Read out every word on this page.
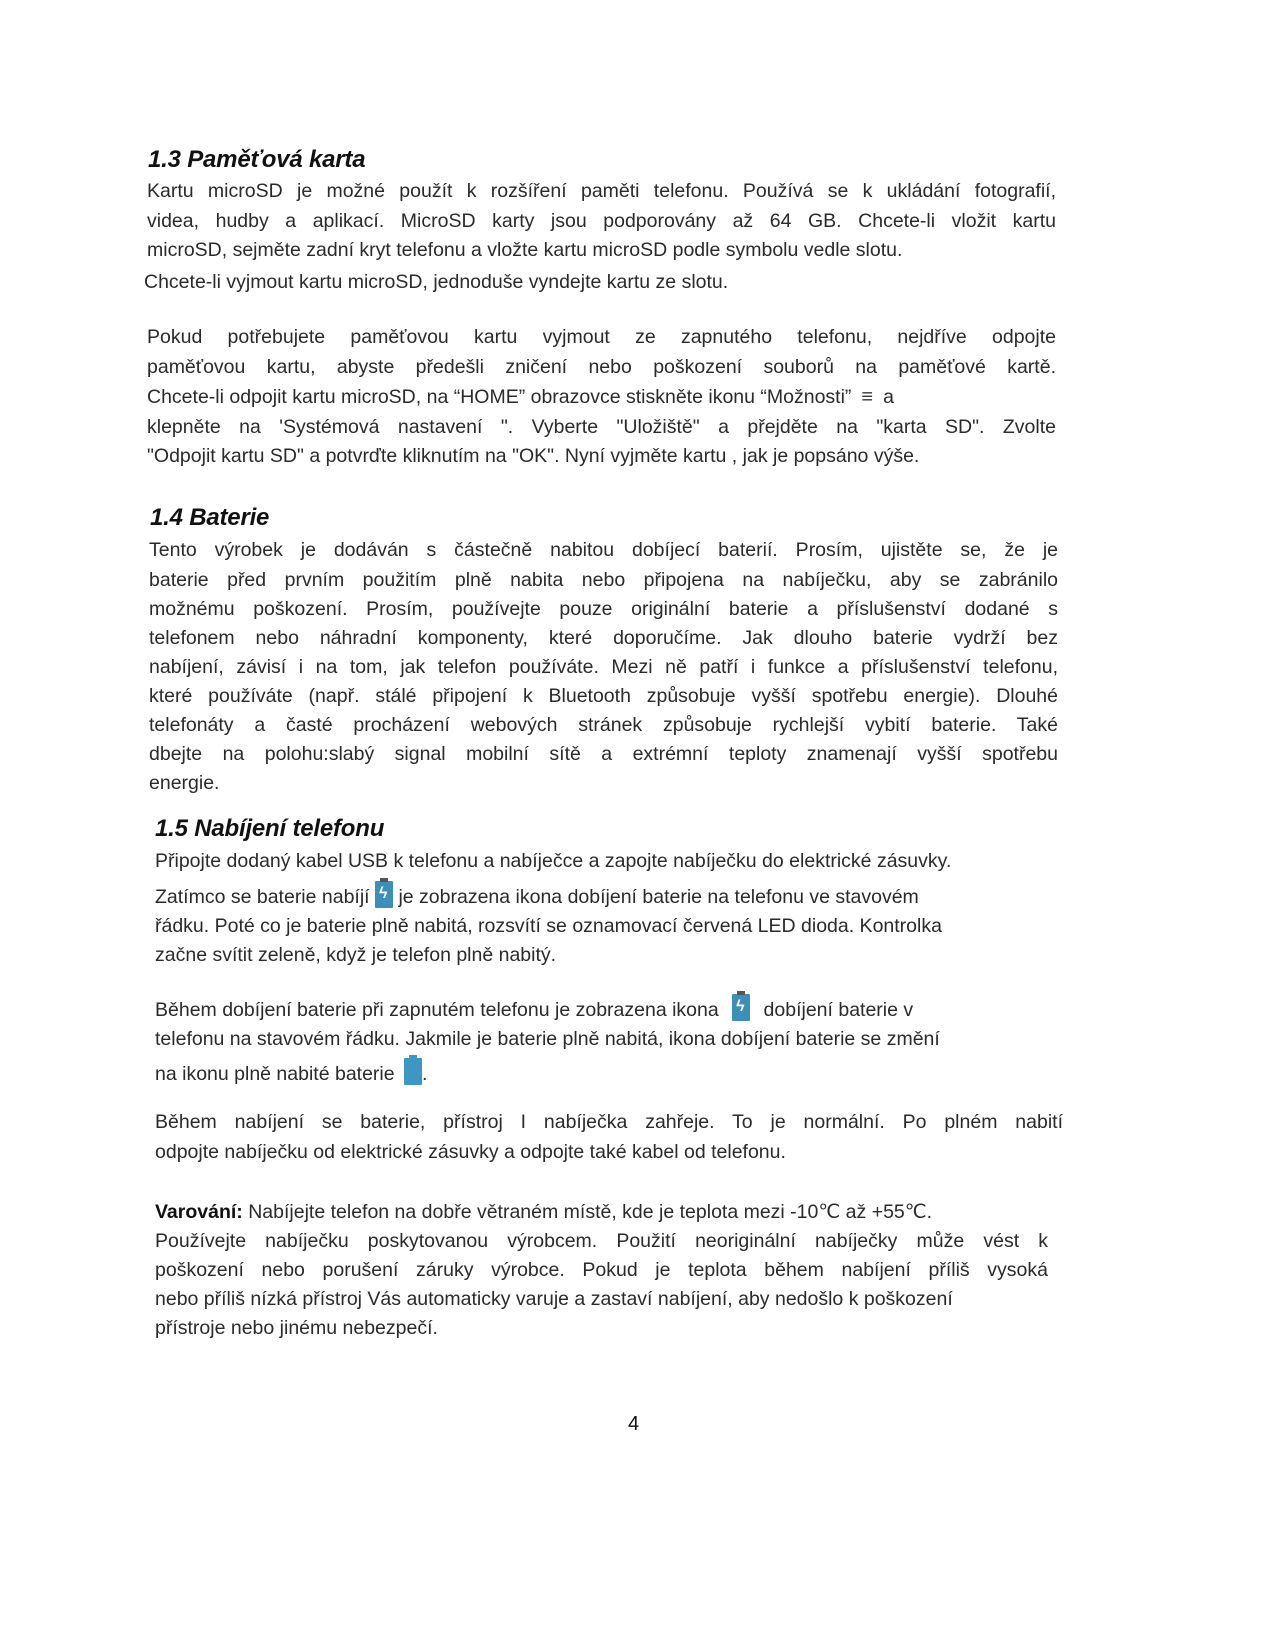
1.3 Paměťová karta

Kartu microSD je možné použít k rozšíření paměti telefonu. Používá se k ukládání fotografií,

videa, hudby a aplikací. MicroSD karty jsou podporovány až 64 GB. Chcete-li vložit kartu

microSD, sejměte zadní kryt telefonu a vložte kartu microSD podle symbolu vedle slotu.

Chcete-li vyjmout kartu microSD, jednoduše vyndejte kartu ze slotu.

Pokud potřebujete paměťovou kartu vyjmout ze zapnutého telefonu, nejdříve odpojte

paměťovou kartu, abyste předešli zničení nebo poškození souborů na paměťové kartě.

Chcete-li odpojit kartu microSD, na “HOME” obrazovce stiskněte ikonu “Možnosti” ≡ a

klepněte na 'Systémová nastavení ". Vyberte "Uložiště" a přejděte na "karta SD". Zvolte

"Odpojit kartu SD" a potvrďte kliknutím na "OK". Nyní vyjměte kartu , jak je popsáno výše.

1.4 Baterie

Tento výrobek je dodáván s částečně nabitou dobíjecí baterií. Prosím, ujistěte se, že je

baterie před prvním použitím plně nabita nebo připojena na nabíječku, aby se zabránilo

možnému poškození. Prosím, používejte pouze originální baterie a příslušenství dodané s

telefonem nebo náhradní komponenty, které doporučíme. Jak dlouho baterie vydrží bez

nabíjení, závisí i na tom, jak telefon používáte. Mezi ně patří i funkce a příslušenství telefonu,

které používáte (např. stálé připojení k Bluetooth způsobuje vyšší spotřebu energie). Dlouhé

telefonáty a časté procházení webových stránek způsobuje rychlejší vybití baterie. Také

dbejte na polohu:slabý signal mobilní sítě a extrémní teploty znamenají vyšší spotřebu

energie.

1.5 Nabíjení telefonu

Připojte dodaný kabel USB k telefonu a nabíječce a zapojte nabíječku do elektrické zásuvky.

Zatímco se baterie nabíjí ϟ je zobrazena ikona dobíjení baterie na telefonu ve stavovém

řádku. Poté co je baterie plně nabitá, rozsvítí se oznamovací červená LED dioda. Kontrolka

začne svítit zeleně, když je telefon plně nabitý.

Během dobíjení baterie při zapnutém telefonu je zobrazena ikona ϟ dobíjení baterie v

telefonu na stavovém řádku. Jakmile je baterie plně nabitá, ikona dobíjení baterie se změní

na ikonu plně nabité baterie .

Během nabíjení se baterie, přístroj I nabíječka zahřeje. To je normální. Po plném nabití

odpojte nabíječku od elektrické zásuvky a odpojte také kabel od telefonu.

Varování: Nabíjejte telefon na dobře větraném místě, kde je teplota mezi -10℃ až +55℃.

Používejte nabíječku poskytovanou výrobcem. Použití neoriginální nabíječky může vést k

poškození nebo porušení záruky výrobce. Pokud je teplota během nabíjení příliš vysoká

nebo příliš nízká přístroj Vás automaticky varuje a zastaví nabíjení, aby nedošlo k poškození

přístroje nebo jinému nebezpečí.

4
